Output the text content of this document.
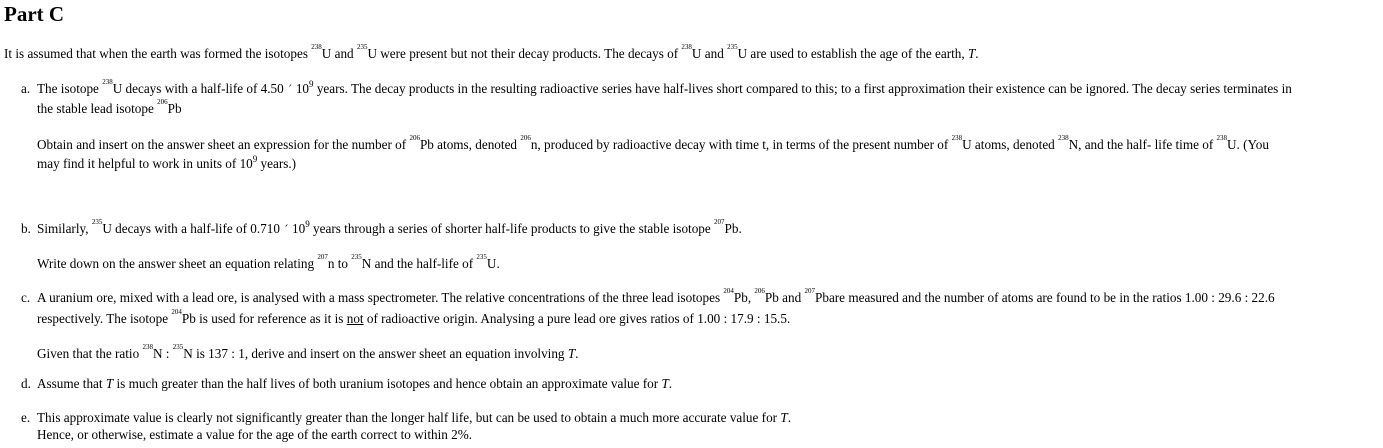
Part C
It is assumed that when the earth was formed the isotopes $^{238}$U and $^{235}$U were present but not their decay products. The decays of $^{238}$U and $^{235}$U are used to establish the age of the earth, T.
a. The isotope $^{238}$U decays with a half-life of 4.50 ´ $10^9$ years. The decay products in the resulting radioactive series have half-lives short compared to this; to a first approximation their existence can be ignored. The decay series terminates in
the stable lead isotope $^{206}$Pb
Obtain and insert on the answer sheet an expression for the number of $^{206}$Pb atoms, denoted $^{206}$n, produced by radioactive decay with time t, in terms of the present number of $^{238}$U atoms, denoted $^{238}$N, and the half- life time of $^{238}$U. (You
may find it helpful to work in units of $10^9$ years.)
b. Similarly, $^{235}$U decays with a half-life of 0.710 ´ $10^9$ years through a series of shorter half-life products to give the stable isotope $^{207}$Pb.
Write down on the answer sheet an equation relating $^{207}$n to $^{235}$N and the half-life of $^{235}$U.
c. A uranium ore, mixed with a lead ore, is analysed with a mass spectrometer. The relative concentrations of the three lead isotopes $^{204}$Pb, $^{206}$Pb and $^{207}$Pbare measured and the number of atoms are found to be in the ratios 1.00 : 29.6 : 22.6
respectively. The isotope $^{204}$Pb is used for reference as it is not of radioactive origin. Analysing a pure lead ore gives ratios of 1.00 : 17.9 : 15.5.
Given that the ratio $^{238}$N : $^{235}$N is 137 : 1, derive and insert on the answer sheet an equation involving T.
d. Assume that T is much greater than the half lives of both uranium isotopes and hence obtain an approximate value for T.
e. This approximate value is clearly not significantly greater than the longer half life, but can be used to obtain a much more accurate value for T.
Hence, or otherwise, estimate a value for the age of the earth correct to within 2%.
